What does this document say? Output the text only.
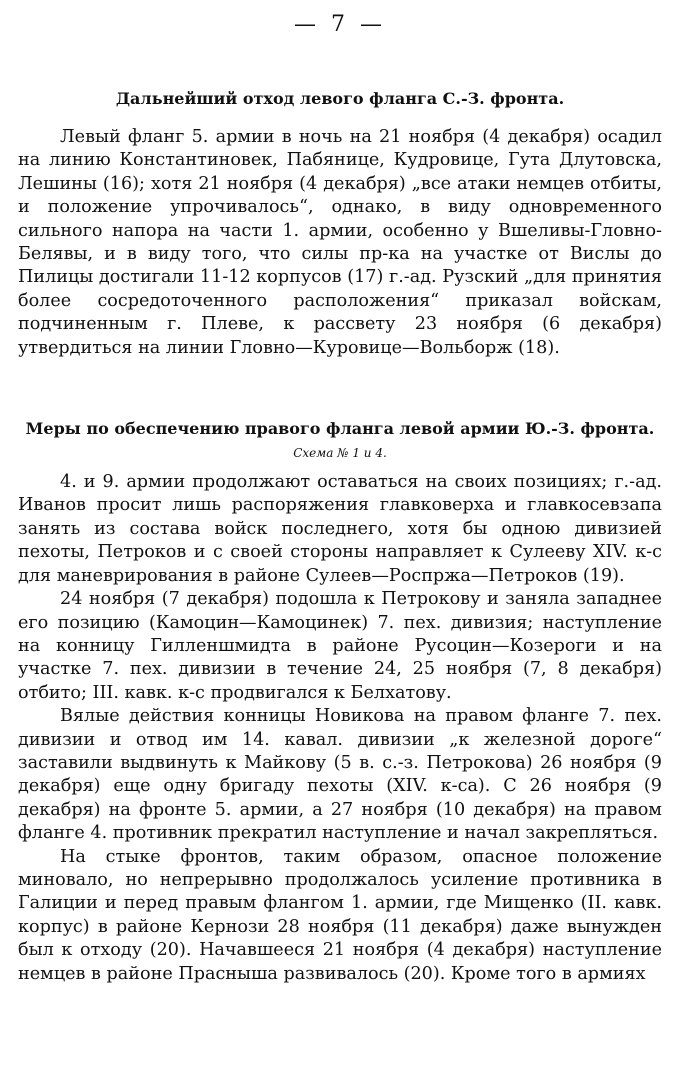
— 7 —
Дальнейший отход левого фланга С.-З. фронта.

Левый фланг 5. армии в ночь на 21 ноября (4 декабря) осадил на линию Константиновек, Пабянице, Кудровице, Гута Длутовска, Лешины (16); хотя 21 ноября (4 декабря) „все атаки немцев отбиты, и положение упрочивалось“, однако, в виду одновременного сильного напора на части 1. армии, особенно у Вшеливы-Гловно-Белявы, и в виду того, что силы пр-ка на участке от Вислы до Пилицы достигали 11-12 корпусов (17) г.-ад. Рузский „для принятия более сосредоточенного расположения“ приказал войскам, подчиненным г. Плеве, к рассвету 23 ноября (6 декабря) утвердиться на линии Гловно—Куровице—Вольборж (18).

Меры по обеспечению правого фланга левой армии Ю.-З. фронта.
Схема № 1 и 4.

4. и 9. армии продолжают оставаться на своих позициях; г.-ад. Иванов просит лишь распоряжения главковерха и главкосевзапа занять из состава войск последнего, хотя бы одною дивизией пехоты, Петроков и с своей стороны направляет к Сулееву XIV. к-с для маневрирования в районе Сулеев—Роспржа—Петроков (19).

24 ноября (7 декабря) подошла к Петрокову и заняла западнее его позицию (Камоцин—Камоцинек) 7. пех. дивизия; наступление на конницу Гилленшмидта в районе Русоцин—Козероги и на участке 7. пех. дивизии в течение 24, 25 ноября (7, 8 декабря) отбито; III. кавк. к-с продвигался к Белхатову.

Вялые действия конницы Новикова на правом фланге 7. пех. дивизии и отвод им 14. кавал. дивизии „к железной дороге“ заставили выдвинуть к Майкову (5 в. с.-з. Петрокова) 26 ноября (9 декабря) еще одну бригаду пехоты (XIV. к-са). С 26 ноября (9 декабря) на фронте 5. армии, а 27 ноября (10 декабря) на правом фланге 4. противник прекратил наступление и начал закрепляться.

На стыке фронтов, таким образом, опасное положение миновало, но непрерывно продолжалось усиление противника в Галиции и перед правым флангом 1. армии, где Мищенко (II. кавк. корпус) в районе Кернози 28 ноября (11 декабря) даже вынужден был к отходу (20). Начавшееся 21 ноября (4 декабря) наступление немцев в районе Прасныша развивалось (20). Кроме того в армиях
